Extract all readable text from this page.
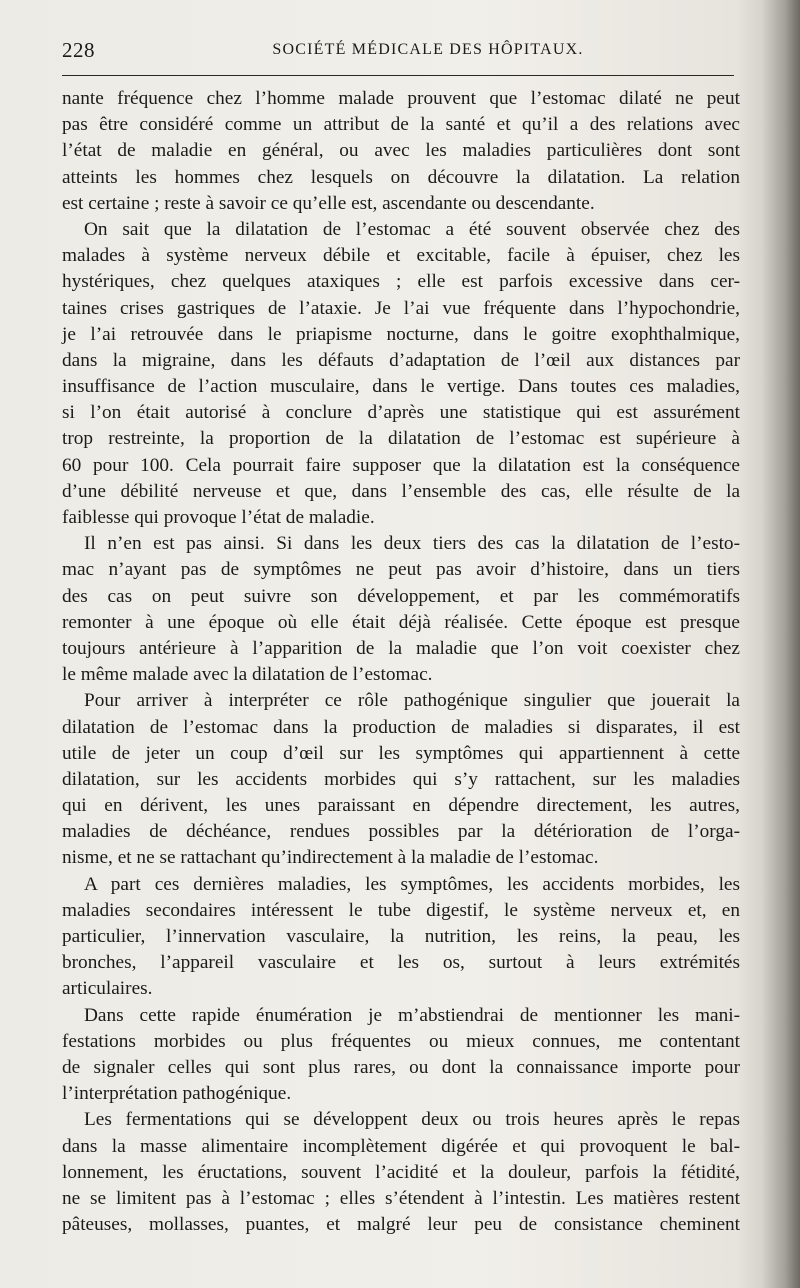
228	SOCIÉTÉ MÉDICALE DES HÔPITAUX.
nante fréquence chez l’homme malade prouvent que l’estomac dilaté ne peut
pas être considéré comme un attribut de la santé et qu’il a des relations avec
l’état de maladie en général, ou avec les maladies particulières dont sont
atteints les hommes chez lesquels on découvre la dilatation. La relation
est certaine ; reste à savoir ce qu’elle est, ascendante ou descendante.
On sait que la dilatation de l’estomac a été souvent observée chez des
malades à système nerveux débile et excitable, facile à épuiser, chez les
hystériques, chez quelques ataxiques ; elle est parfois excessive dans cer-
taines crises gastriques de l’ataxie. Je l’ai vue fréquente dans l’hypochondrie,
je l’ai retrouvée dans le priapisme nocturne, dans le goitre exophthalmique,
dans la migraine, dans les défauts d’adaptation de l’œil aux distances par
insuffisance de l’action musculaire, dans le vertige. Dans toutes ces maladies,
si l’on était autorisé à conclure d’après une statistique qui est assurément
trop restreinte, la proportion de la dilatation de l’estomac est supérieure à
60 pour 100. Cela pourrait faire supposer que la dilatation est la conséquence
d’une débilité nerveuse et que, dans l’ensemble des cas, elle résulte de la
faiblesse qui provoque l’état de maladie.
Il n’en est pas ainsi. Si dans les deux tiers des cas la dilatation de l’esto-
mac n’ayant pas de symptômes ne peut pas avoir d’histoire, dans un tiers
des cas on peut suivre son développement, et par les commémoratifs
remonter à une époque où elle était déjà réalisée. Cette époque est presque
toujours antérieure à l’apparition de la maladie que l’on voit coexister chez
le même malade avec la dilatation de l’estomac.
Pour arriver à interpréter ce rôle pathogénique singulier que jouerait la
dilatation de l’estomac dans la production de maladies si disparates, il est
utile de jeter un coup d’œil sur les symptômes qui appartiennent à cette
dilatation, sur les accidents morbides qui s’y rattachent, sur les maladies
qui en dérivent, les unes paraissant en dépendre directement, les autres,
maladies de déchéance, rendues possibles par la détérioration de l’orga-
nisme, et ne se rattachant qu’indirectement à la maladie de l’estomac.
A part ces dernières maladies, les symptômes, les accidents morbides, les
maladies secondaires intéressent le tube digestif, le système nerveux et, en
particulier, l’innervation vasculaire, la nutrition, les reins, la peau, les
bronches, l’appareil vasculaire et les os, surtout à leurs extrémités
articulaires.
Dans cette rapide énumération je m’abstiendrai de mentionner les mani-
festations morbides ou plus fréquentes ou mieux connues, me contentant
de signaler celles qui sont plus rares, ou dont la connaissance importe pour
l’interprétation pathogénique.
Les fermentations qui se développent deux ou trois heures après le repas
dans la masse alimentaire incomplètement digérée et qui provoquent le bal-
lonnement, les éructations, souvent l’acidité et la douleur, parfois la fétidité,
ne se limitent pas à l’estomac ; elles s’étendent à l’intestin. Les matières restent
pâteuses, mollasses, puantes, et malgré leur peu de consistance cheminent
